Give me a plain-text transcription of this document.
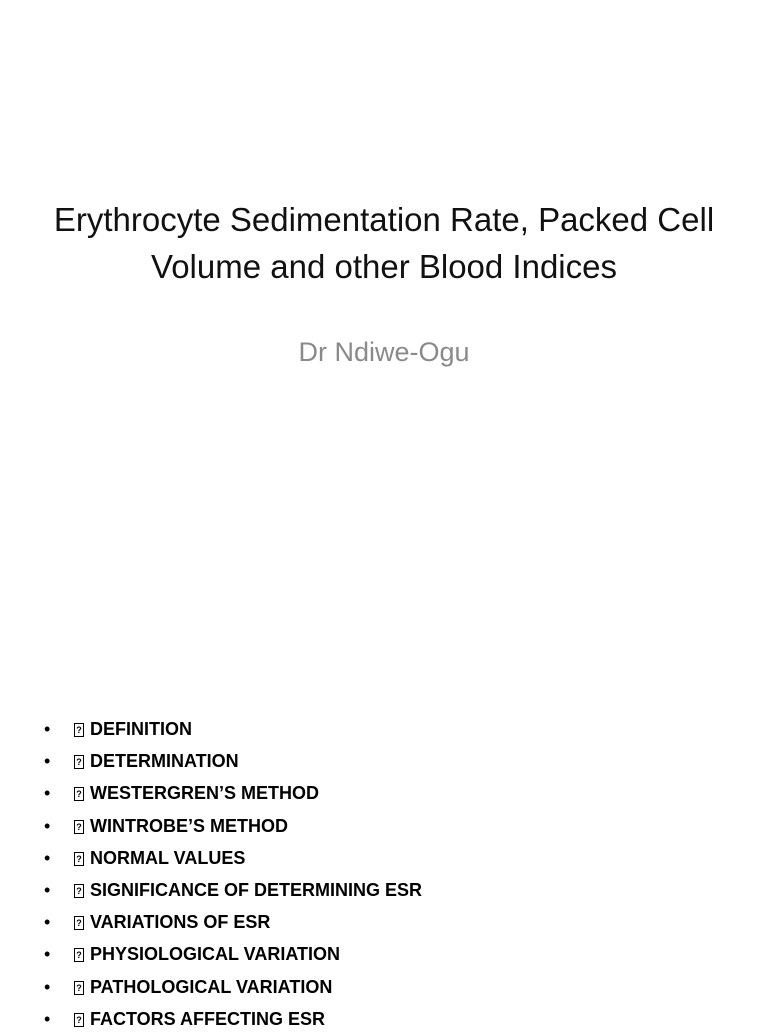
Erythrocyte Sedimentation Rate, Packed Cell Volume and other Blood Indices
Dr Ndiwe-Ogu
• ? DEFINITION
• ? DETERMINATION
• ? WESTERGREN’S METHOD
• ? WINTROBE’S METHOD
• ? NORMAL VALUES
• ? SIGNIFICANCE OF DETERMINING ESR
• ? VARIATIONS OF ESR
• ? PHYSIOLOGICAL VARIATION
• ? PATHOLOGICAL VARIATION
• ? FACTORS AFFECTING ESR
